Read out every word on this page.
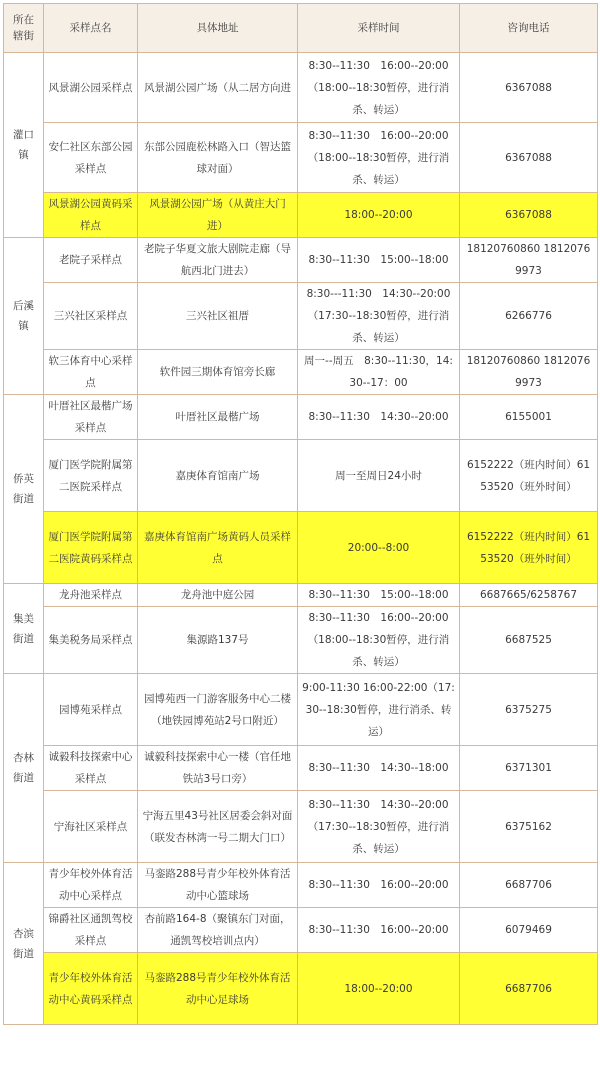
所在辖街	采样点名	具体地址	采样时间	咨询电话
灌口镇	风景湖公园采样点	风景湖公园广场（从二居方向进	8:30--11:30　16:00--20:00（18:00--18:30暂停，进行消杀、转运）	6367088
	安仁社区东部公园采样点	东部公园鹿松林路入口（智达篮球对面）	8:30--11:30　16:00--20:00（18:00--18:30暂停，进行消杀、转运）	6367088
	风景湖公园黄码采样点	风景湖公园广场（从黄庄大门进）	18:00--20:00	6367088
后溪镇	老院子采样点	老院子华夏文旅大剧院走廊（导航西北门进去）	8:30--11:30　15:00--18:00	18120760860 18120769973
	三兴社区采样点	三兴社区祖厝	8:30---11:30　14:30--20:00（17:30--18:30暂停，进行消杀、转运）	6266776
	软三体育中心采样点	软件园三期体育馆旁长廊	周一--周五　8:30--11:30，14:30--17：00	18120760860 18120769973
侨英街道	叶厝社区最楷广场采样点	叶厝社区最楷广场	8:30--11:30　14:30--20:00	6155001
	厦门医学院附属第二医院采样点	嘉庚体育馆南广场	周一至周日24小时	6152222（班内时间）6153520（班外时间）
	厦门医学院附属第二医院黄码采样点	嘉庚体育馆南广场黄码人员采样点	20:00--8:00	6152222（班内时间）6153520（班外时间）
集美街道	龙舟池采样点	龙舟池中庭公园	8:30--11:30　15:00--18:00	6687665/6258767
	集美税务局采样点	集源路137号	8:30--11:30　16:00--20:00（18:00--18:30暂停，进行消杀、转运）	6687525
杏林街道	园博苑采样点	园博苑西一门游客服务中心二楼（地铁园博苑站2号口附近）	9:00-11:30 16:00-22:00（17:30--18:30暂停，进行消杀、转运）	6375275
	诚毅科技探索中心采样点	诚毅科技探索中心一楼（官任地铁站3号口旁）	8:30--11:30　14:30--18:00	6371301
	宁海社区采样点	宁海五里43号社区居委会斜对面（联发杏林湾一号二期大门口）	8:30--11:30　14:30--20:00（17:30--18:30暂停，进行消杀、转运）	6375162
杏滨街道	青少年校外体育活动中心采样点	马銮路288号青少年校外体育活动中心篮球场	8:30--11:30　16:00--20:00	6687706
	锦爵社区通凯驾校采样点	杏前路164-8（聚镇东门对面，通凯驾校培训点内）	8:30--11:30　16:00--20:00	6079469
	青少年校外体育活动中心黄码采样点	马銮路288号青少年校外体育活动中心足球场	18:00--20:00	6687706
